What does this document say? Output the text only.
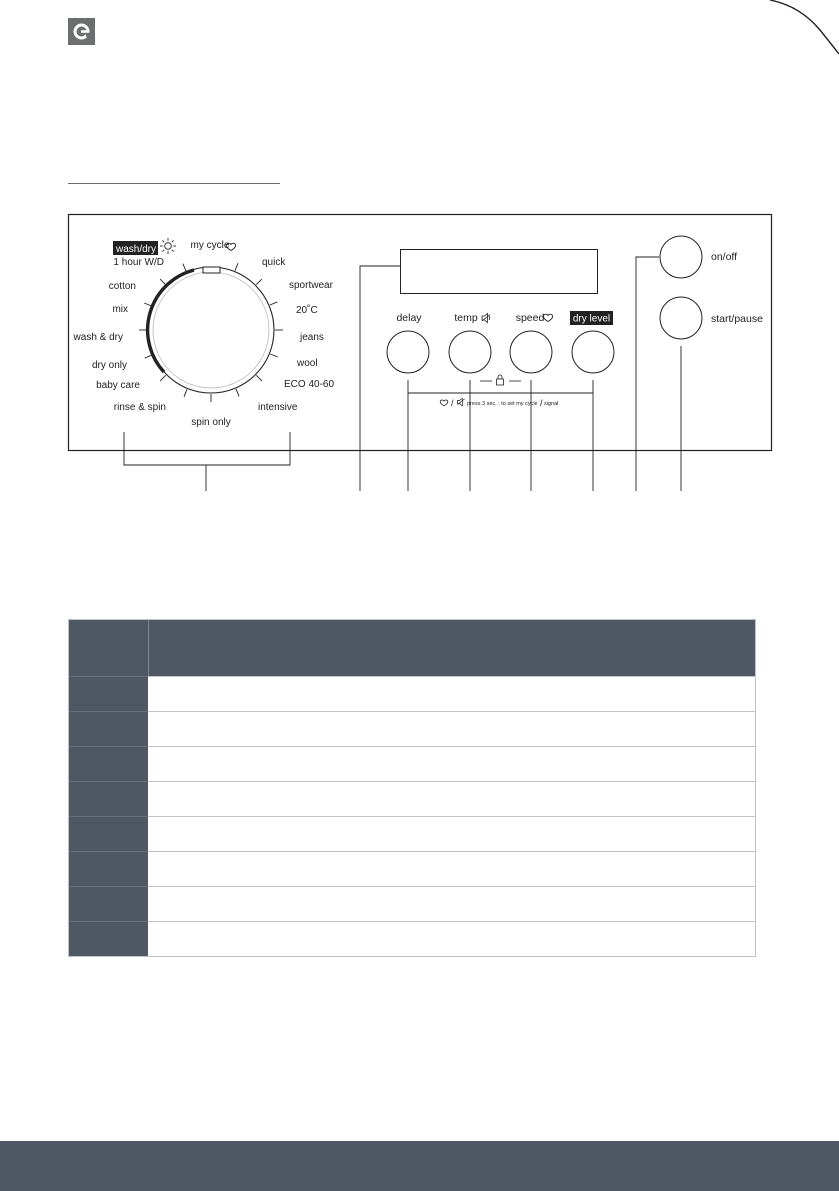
my cycle
quick
sportwear
20˚C
jeans
wool
ECO 40-60
intensive
spin only
rinse & spin
baby care
dry only
wash & dry
mix
cotton
1 hour W/D
wash/dry
delay	temp	speed	dry level
on/off
start/pause
/ press 3 sec. : to set my cycle / signal
